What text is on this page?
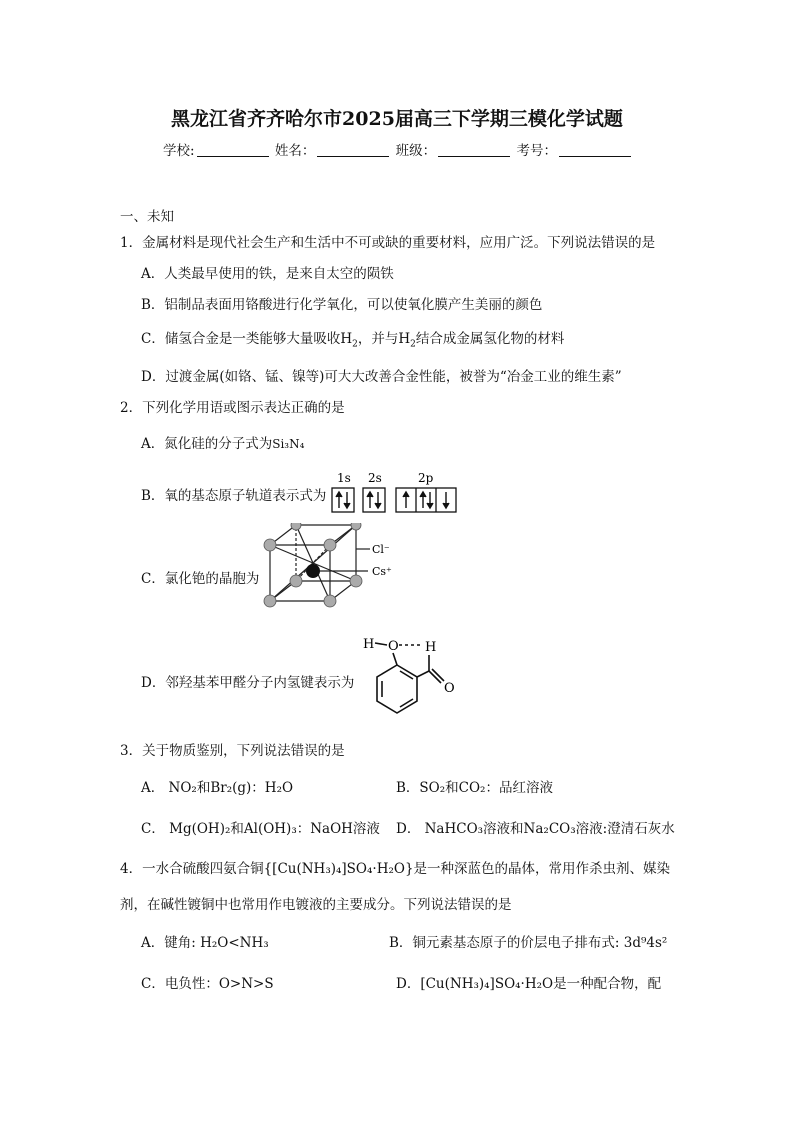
黑龙江省齐齐哈尔市2025届高三下学期三模化学试题
学校:	姓名：	班级：	考号：
一、未知
1．金属材料是现代社会生产和生活中不可或缺的重要材料，应用广泛。下列说法错误的是
A．人类最早使用的铁，是来自太空的陨铁
B．铝制品表面用铬酸进行化学氧化，可以使氧化膜产生美丽的颜色
C．储氢合金是一类能够大量吸收$H_2$，并与$H_2$结合成金属氢化物的材料
D．过渡金属(如铬、锰、镍等)可大大改善合金性能，被誉为“冶金工业的维生素”
2．下列化学用语或图示表达正确的是
A．氮化硅的分子式为Si₃N₄
B．氧的基态原子轨道表示式为
1s 2s	2p
C．氯化铯的晶胞为
Cl⁻
Cs⁺
D．邻羟基苯甲醛分子内氢键表示为
H O H
O
3．关于物质鉴别，下列说法错误的是
A． NO₂和Br₂(g)：H₂O	B．SO₂和CO₂：品红溶液
C． Mg(OH)₂和Al(OH)₃：NaOH溶液 D． NaHCO₃溶液和Na₂CO₃溶液:澄清石灰水
4．一水合硫酸四氨合铜{[Cu(NH₃)₄]SO₄·H₂O}是一种深蓝色的晶体，常用作杀虫剂、媒染
剂，在碱性镀铜中也常用作电镀液的主要成分。下列说法错误的是
A．键角: H₂O<NH₃	B．铜元素基态原子的价层电子排布式: 3d⁹4s²
C．电负性：O>N>S	D．[Cu(NH₃)₄]SO₄·H₂O是一种配合物，配
